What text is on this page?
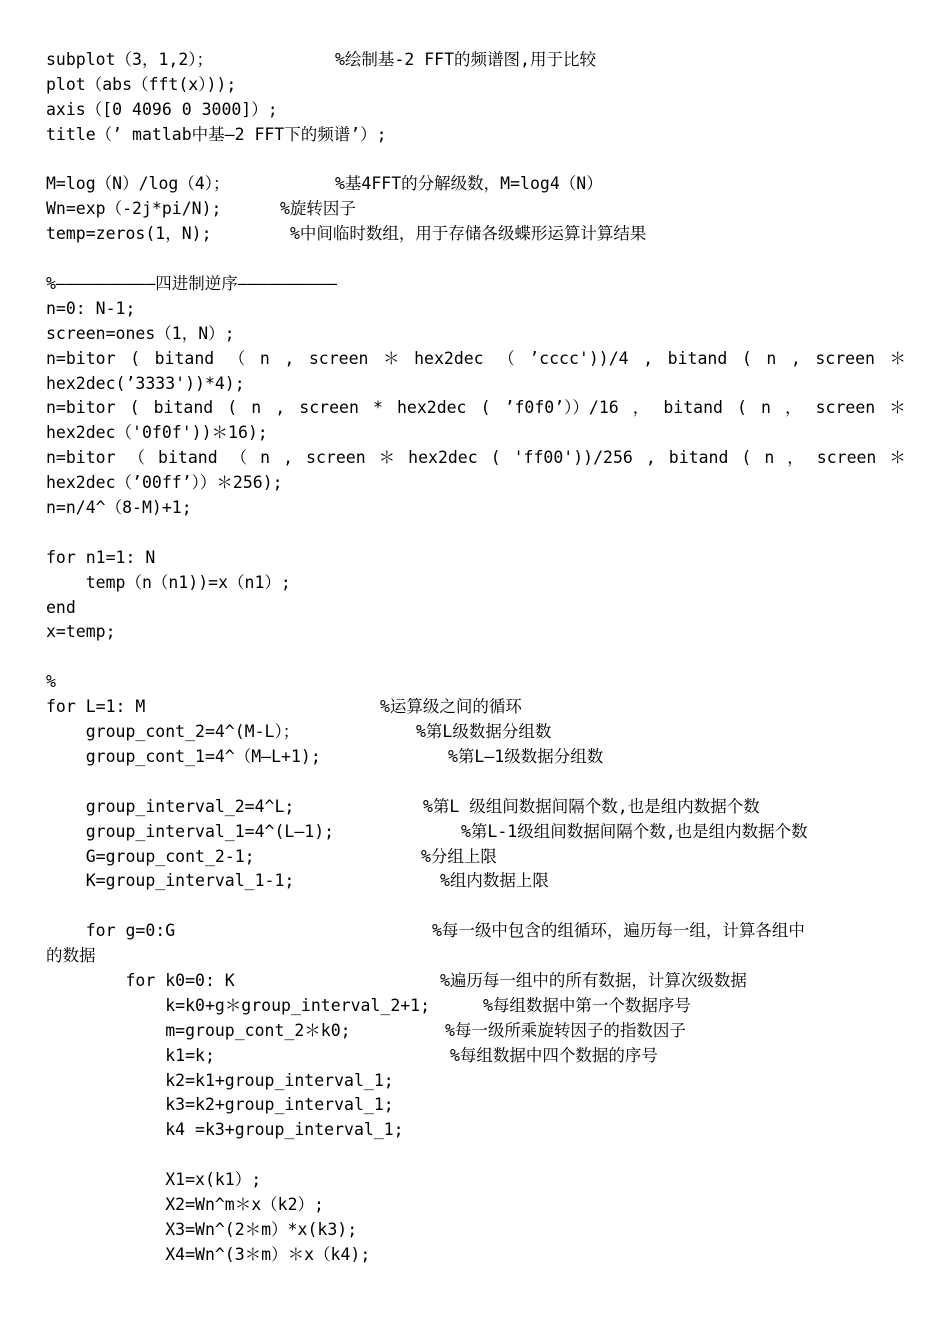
subplot（3，1,2）；	%绘制基-2 FFT的频谱图,用于比较
plot（abs（fft(x）));
axis（[0 4096 0 3000]）;
title（’ matlab中基—2 FFT下的频谱’）;
M=log（N）/log（4）；	%基4FFT的分解级数，M=log4（N）
Wn=exp（-2j*pi/N);	%旋转因子
temp=zeros(1，N);	%中间临时数组，用于存储各级蝶形运算计算结果
%——————————四进制逆序——————————
n=0: N-1;
screen=ones（1，N）;
n=bitor ( bitand （ n , screen ＊ hex2dec （ ’cccc'))/4 , bitand ( n , screen ＊
hex2dec(’3333'))*4);
n=bitor ( bitand ( n , screen * hex2dec ( ’f0f0’））/16 ， bitand ( n ， screen ＊
hex2dec（'0f0f'))＊16);
n=bitor （ bitand （ n , screen ＊ hex2dec ( 'ff00'))/256 , bitand ( n ， screen ＊
hex2dec（’00ff’））＊256);
n=n/4^（8-M)+1;
for n1=1: N
temp（n（n1))=x（n1）;
end
x=temp;
%
for L=1: M	%运算级之间的循环
group_cont_2=4^(M-L）；	%第L级数据分组数
group_cont_1=4^（M—L+1);	%第L—1级数据分组数
group_interval_2=4^L;	%第L 级组间数据间隔个数,也是组内数据个数
group_interval_1=4^(L—1);	%第L-1级组间数据间隔个数,也是组内数据个数
G=group_cont_2-1;	%分组上限
K=group_interval_1-1;	%组内数据上限
for g=0:G	%每一级中包含的组循环，遍历每一组，计算各组中
的数据
for k0=0: K	%遍历每一组中的所有数据，计算次级数据
k=k0+g＊group_interval_2+1;	%每组数据中第一个数据序号
m=group_cont_2＊k0;	%每一级所乘旋转因子的指数因子
k1=k;	%每组数据中四个数据的序号
k2=k1+group_interval_1;
k3=k2+group_interval_1;
k4 =k3+group_interval_1;
X1=x(k1）;
X2=Wn^m＊x（k2）;
X3=Wn^(2＊m）*x(k3);
X4=Wn^(3＊m）＊x（k4);
